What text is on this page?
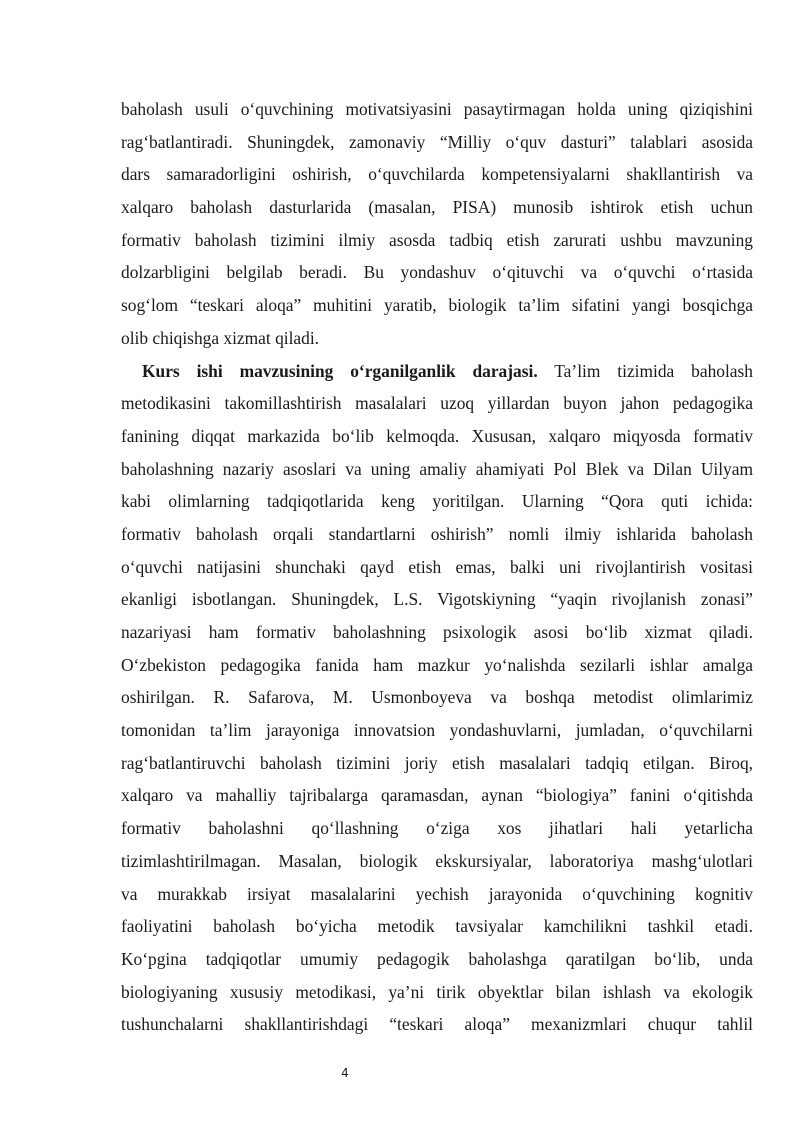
baholash usuli o‘quvchining motivatsiyasini pasaytirmagan holda uning qiziqishini
rag‘batlantiradi. Shuningdek, zamonaviy “Milliy o‘quv dasturi” talablari asosida
dars samaradorligini oshirish, o‘quvchilarda kompetensiyalarni shakllantirish va
xalqaro baholash dasturlarida (masalan, PISA) munosib ishtirok etish uchun
formativ baholash tizimini ilmiy asosda tadbiq etish zarurati ushbu mavzuning
dolzarbligini belgilab beradi. Bu yondashuv o‘qituvchi va o‘quvchi o‘rtasida
sog‘lom “teskari aloqa” muhitini yaratib, biologik ta’lim sifatini yangi bosqichga
olib chiqishga xizmat qiladi.
Kurs ishi mavzusining o‘rganilganlik darajasi. Ta’lim tizimida baholash
metodikasini takomillashtirish masalalari uzoq yillardan buyon jahon pedagogika
fanining diqqat markazida bo‘lib kelmoqda. Xususan, xalqaro miqyosda formativ
baholashning nazariy asoslari va uning amaliy ahamiyati Pol Blek va Dilan Uilyam
kabi olimlarning tadqiqotlarida keng yoritilgan. Ularning “Qora quti ichida:
formativ baholash orqali standartlarni oshirish” nomli ilmiy ishlarida baholash
o‘quvchi natijasini shunchaki qayd etish emas, balki uni rivojlantirish vositasi
ekanligi isbotlangan. Shuningdek, L.S. Vigotskiyning “yaqin rivojlanish zonasi”
nazariyasi ham formativ baholashning psixologik asosi bo‘lib xizmat qiladi.
O‘zbekiston pedagogika fanida ham mazkur yo‘nalishda sezilarli ishlar amalga
oshirilgan. R. Safarova, M. Usmonboyeva va boshqa metodist olimlarimiz
tomonidan ta’lim jarayoniga innovatsion yondashuvlarni, jumladan, o‘quvchilarni
rag‘batlantiruvchi baholash tizimini joriy etish masalalari tadqiq etilgan. Biroq,
xalqaro va mahalliy tajribalarga qaramasdan, aynan “biologiya” fanini o‘qitishda
formativ baholashni qo‘llashning o‘ziga xos jihatlari hali yetarlicha
tizimlashtirilmagan. Masalan, biologik ekskursiyalar, laboratoriya mashg‘ulotlari
va murakkab irsiyat masalalarini yechish jarayonida o‘quvchining kognitiv
faoliyatini baholash bo‘yicha metodik tavsiyalar kamchilikni tashkil etadi.
Ko‘pgina tadqiqotlar umumiy pedagogik baholashga qaratilgan bo‘lib, unda
biologiyaning xususiy metodikasi, ya’ni tirik obyektlar bilan ishlash va ekologik
tushunchalarni shakllantirishdagi “teskari aloqa” mexanizmlari chuqur tahlil
4
